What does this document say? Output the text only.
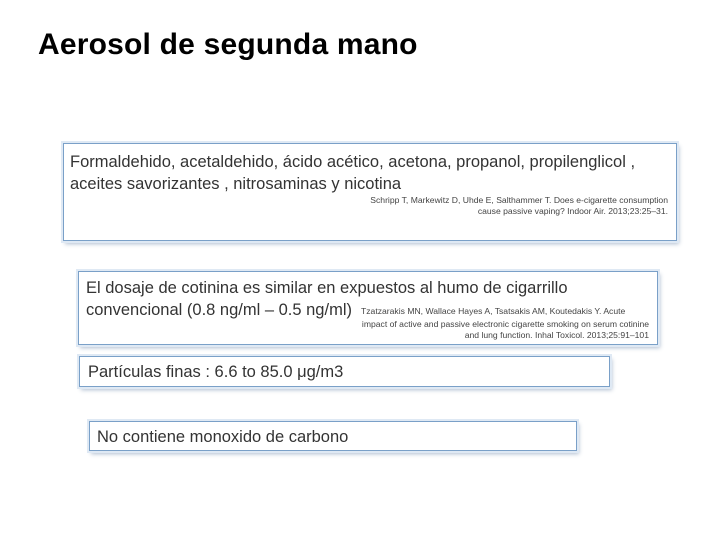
Aerosol de segunda mano
Formaldehido, acetaldehido, ácido acético, acetona, propanol, propilenglicol ,
aceites savorizantes , nitrosaminas y nicotina
Schripp T, Markewitz D, Uhde E, Salthammer T. Does e-cigarette consumption
cause passive vaping? Indoor Air. 2013;23:25–31.
El dosaje de cotinina es similar en expuestos al humo de cigarrillo
convencional (0.8 ng/ml – 0.5 ng/ml) Tzatzarakis MN, Wallace Hayes A, Tsatsakis AM, Koutedakis Y. Acute
impact of active and passive electronic cigarette smoking on serum cotinine
and lung function. Inhal Toxicol. 2013;25:91–101
Partículas finas : 6.6 to 85.0 μg/m3
No contiene monoxido de carbono
